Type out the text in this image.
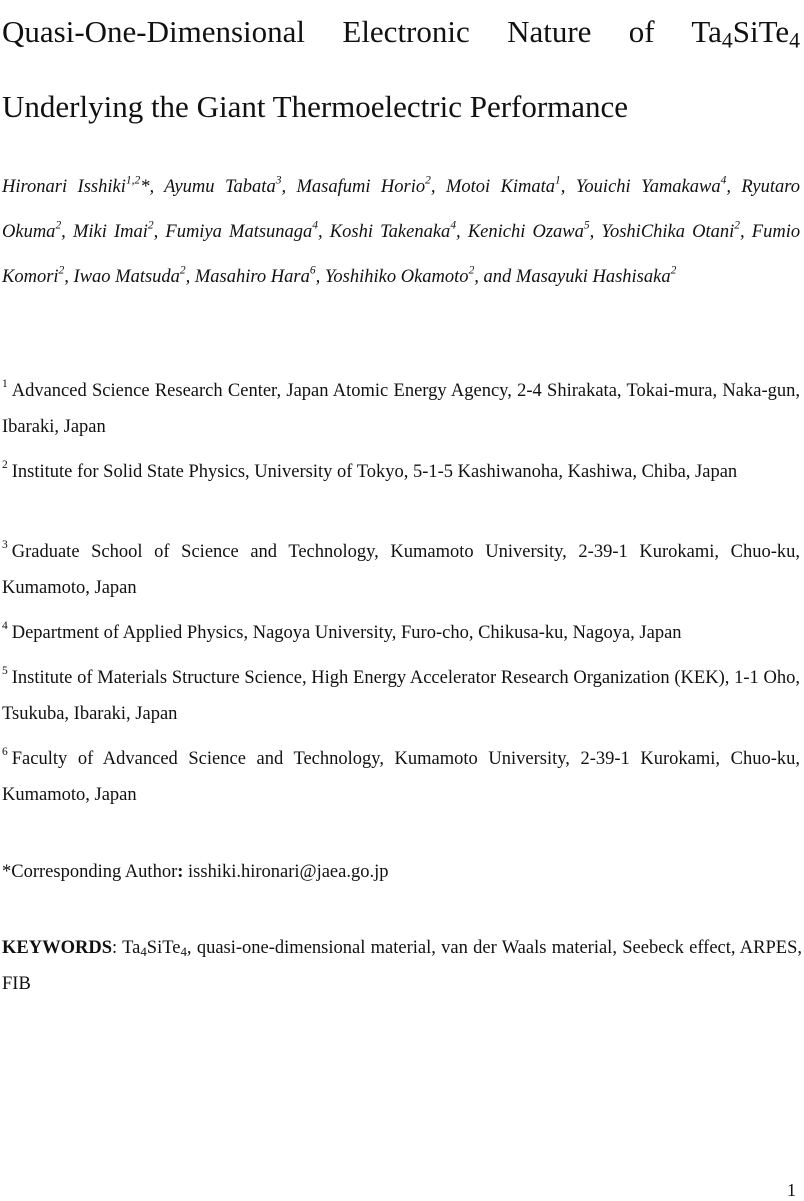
Quasi-One-Dimensional Electronic Nature of $Ta_4SiTe_4$
Underlying the Giant Thermoelectric Performance
Hironari Isshiki$^{1,2}$*, Ayumu Tabata$^3$, Masafumi Horio$^2$, Motoi Kimata$^1$, Youichi Yamakawa$^4$, Ryutaro Okuma$^2$, Miki Imai$^2$, Fumiya Matsunaga$^4$, Koshi Takenaka$^4$, Kenichi Ozawa$^5$, YoshiChika Otani$^2$, Fumio Komori$^2$, Iwao Matsuda$^2$, Masahiro Hara$^6$, Yoshihiko Okamoto$^2$, and Masayuki Hashisaka$^2$
$^1$ Advanced Science Research Center, Japan Atomic Energy Agency, 2-4 Shirakata, Tokai-mura, Naka-gun, Ibaraki, Japan
$^2$ Institute for Solid State Physics, University of Tokyo, 5-1-5 Kashiwanoha, Kashiwa, Chiba, Japan
$^3$ Graduate School of Science and Technology, Kumamoto University, 2-39-1 Kurokami, Chuo-ku, Kumamoto, Japan
$^4$ Department of Applied Physics, Nagoya University, Furo-cho, Chikusa-ku, Nagoya, Japan
$^5$ Institute of Materials Structure Science, High Energy Accelerator Research Organization (KEK), 1-1 Oho, Tsukuba, Ibaraki, Japan
$^6$ Faculty of Advanced Science and Technology, Kumamoto University, 2-39-1 Kurokami, Chuo-ku, Kumamoto, Japan
*Corresponding Author: isshiki.hironari@jaea.go.jp
KEYWORDS: $Ta_4SiTe_4$, quasi-one-dimensional material, van der Waals material, Seebeck effect, ARPES, FIB
1
